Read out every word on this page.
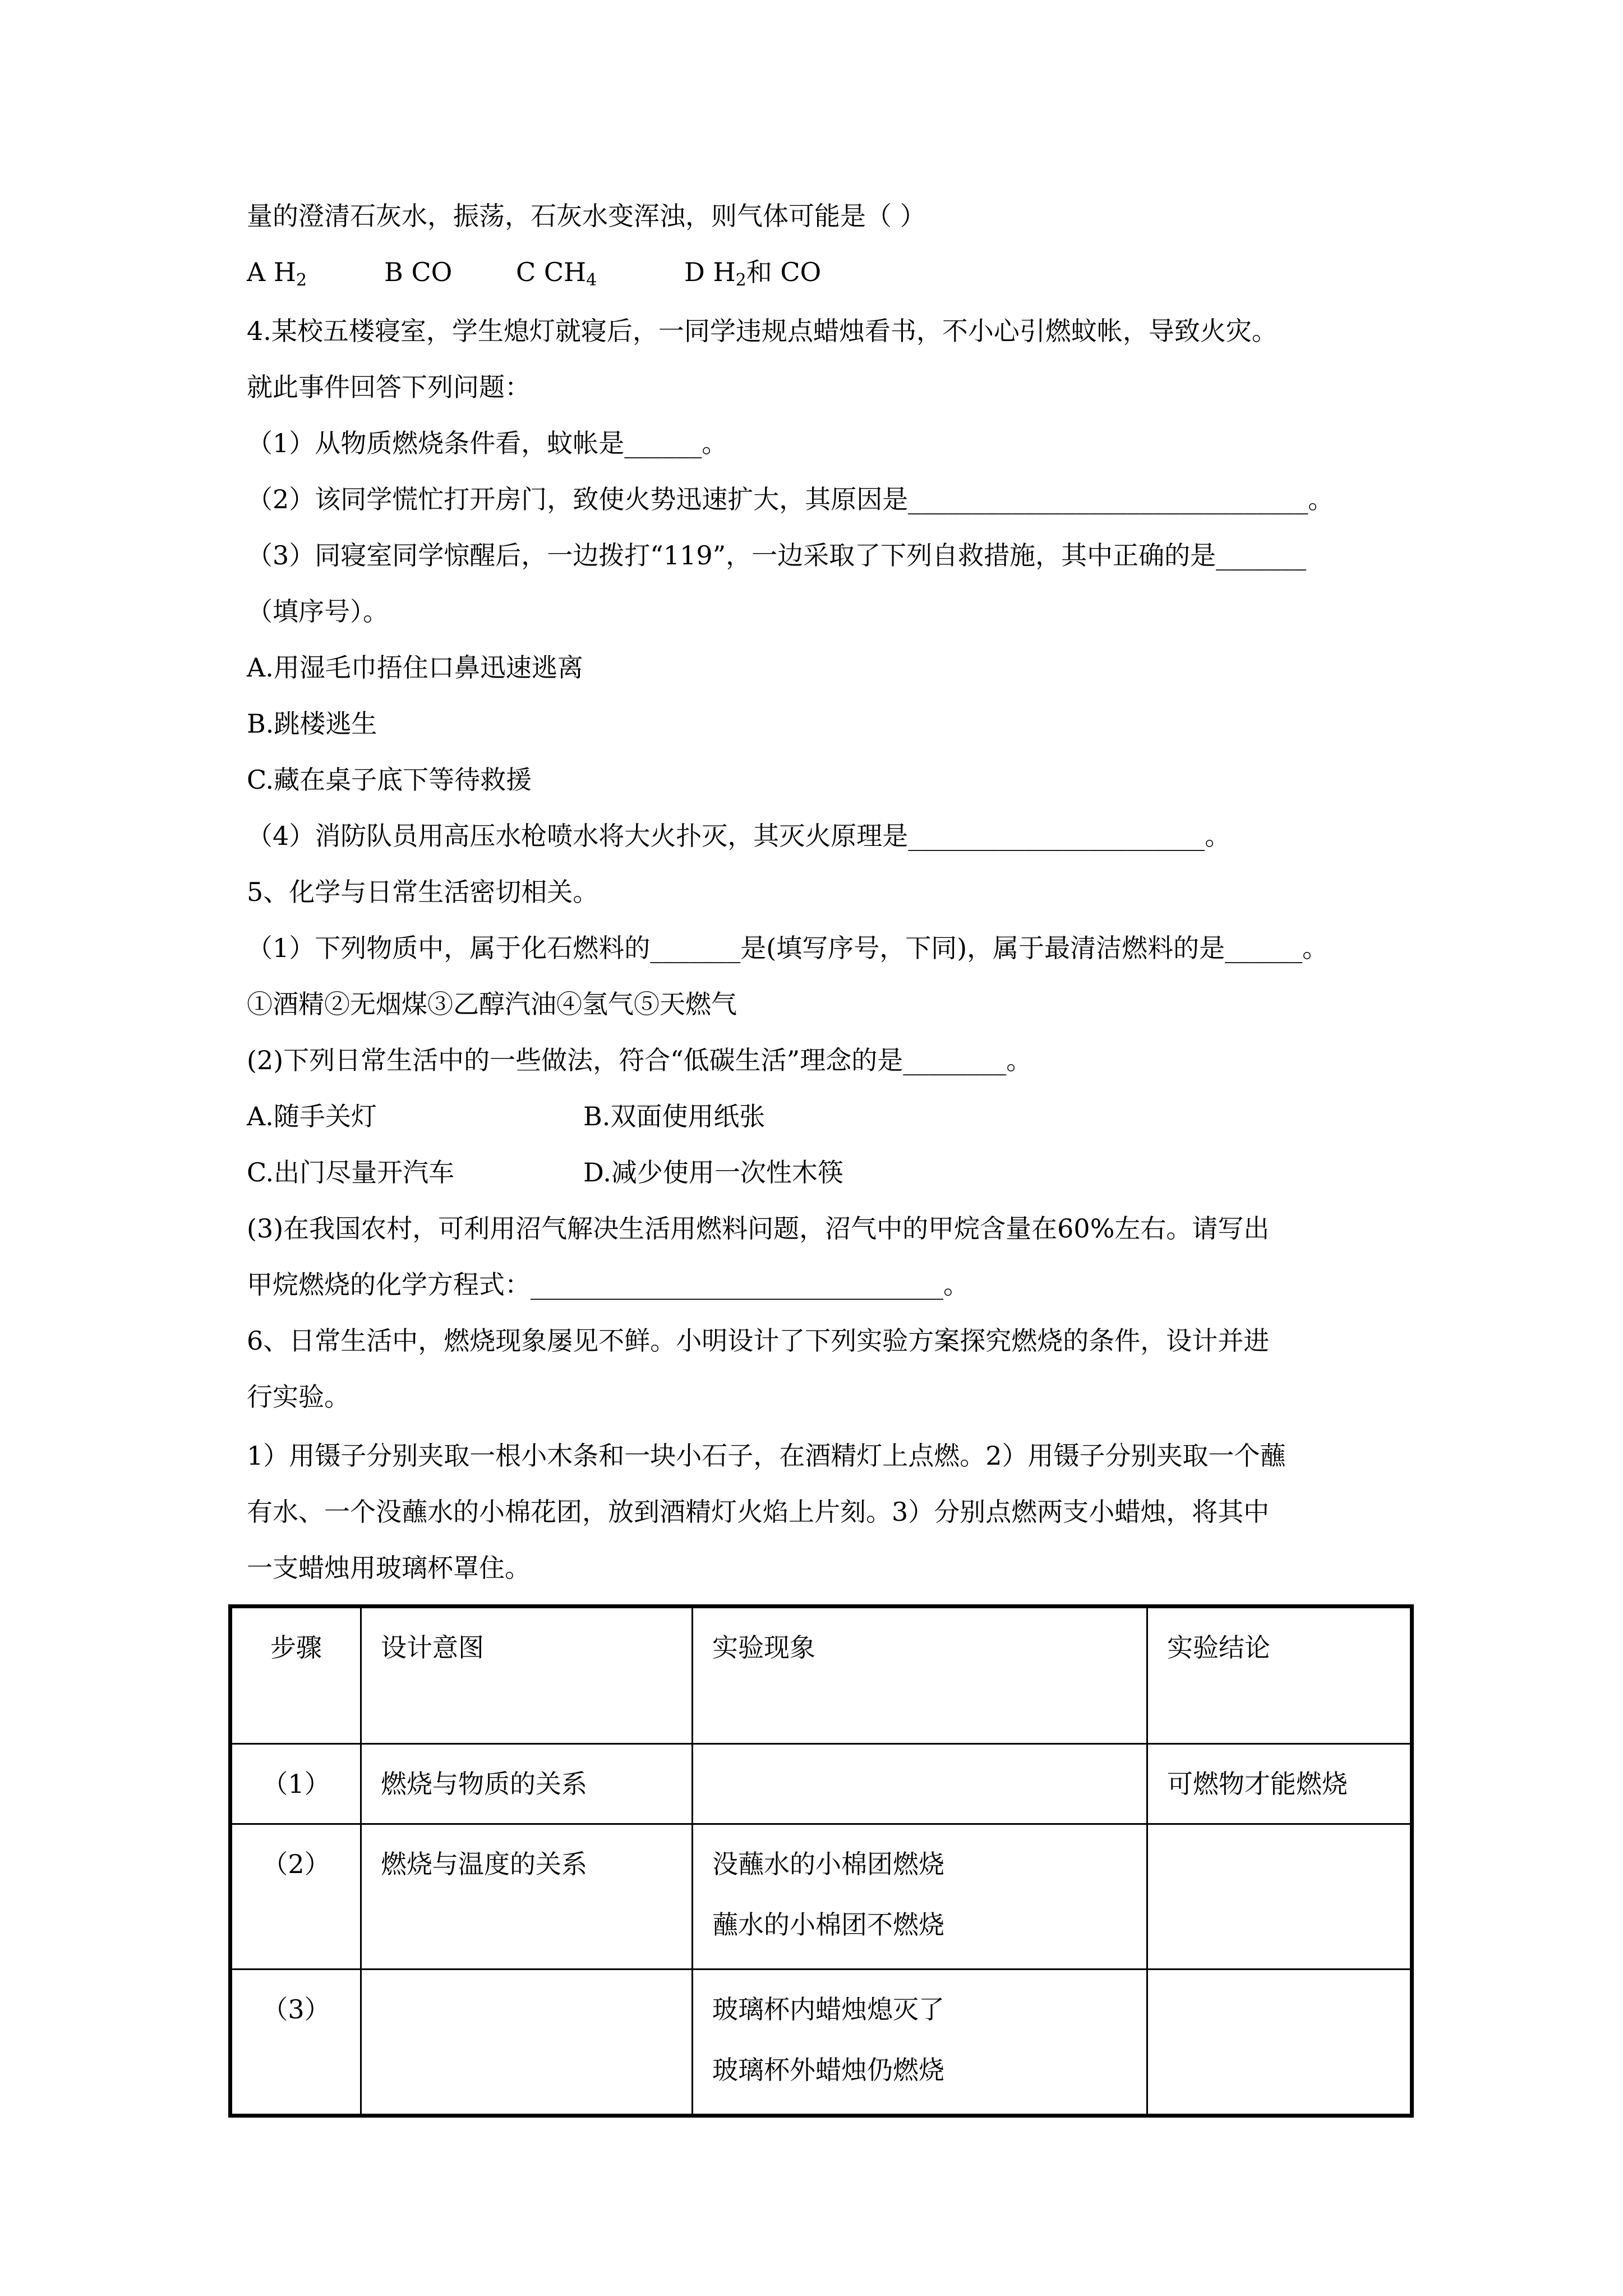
量的澄清石灰水，振荡，石灰水变浑浊，则气体可能是（ ）

A $H_2$	B CO C $CH_4$	D $H_2$和 CO

4.某校五楼寝室，学生熄灯就寝后，一同学违规点蜡烛看书，不小心引燃蚊帐，导致火灾。

就此事件回答下列问题：

（1）从物质燃烧条件看，蚊帐是______。

（2）该同学慌忙打开房门，致使火势迅速扩大，其原因是_______________________________。

（3）同寝室同学惊醒后，一边拨打“119”，一边采取了下列自救措施，其中正确的是_______

（填序号）。

A.用湿毛巾捂住口鼻迅速逃离

B.跳楼逃生

C.藏在桌子底下等待救援

（4）消防队员用高压水枪喷水将大火扑灭，其灭火原理是_______________________。

5、化学与日常生活密切相关。

（1）下列物质中，属于化石燃料的_______是(填写序号，下同)，属于最清洁燃料的是______。

①酒精②无烟煤③乙醇汽油④氢气⑤天燃气

(2)下列日常生活中的一些做法，符合“低碳生活”理念的是________。

A.随手关灯	B.双面使用纸张

C.出门尽量开汽车	D.减少使用一次性木筷

(3)在我国农村，可利用沼气解决生活用燃料问题，沼气中的甲烷含量在60%左右。请写出

甲烷燃烧的化学方程式：________________________________。

6、日常生活中，燃烧现象屡见不鲜。小明设计了下列实验方案探究燃烧的条件，设计并进

行实验。

1）用镊子分别夹取一根小木条和一块小石子，在酒精灯上点燃。2）用镊子分别夹取一个蘸

有水、一个没蘸水的小棉花团，放到酒精灯火焰上片刻。3）分别点燃两支小蜡烛，将其中

一支蜡烛用玻璃杯罩住。

步骤	设计意图	实验现象	实验结论
（1）	燃烧与物质的关系		可燃物才能燃烧
（2）	燃烧与温度的关系	没蘸水的小棉团燃烧
蘸水的小棉团不燃烧	

（3）		玻璃杯内蜡烛熄灭了
玻璃杯外蜡烛仍燃烧	
